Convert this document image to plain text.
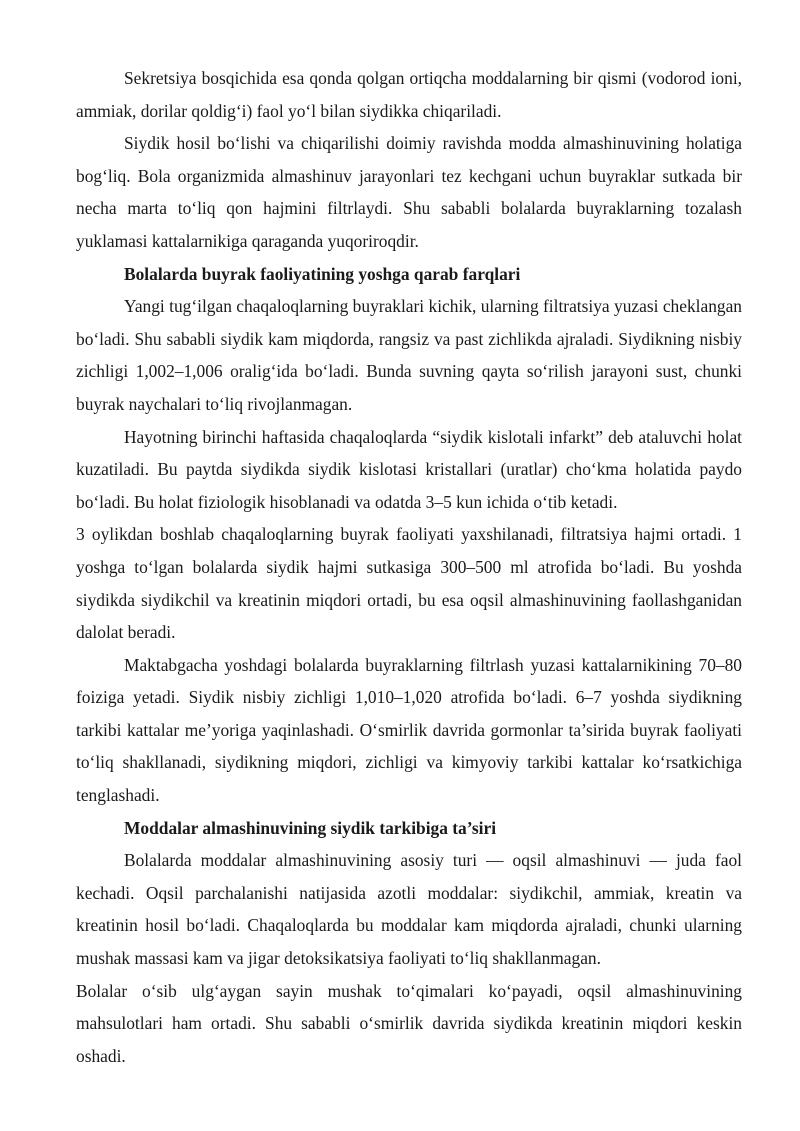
Sekretsiya bosqichida esa qonda qolgan ortiqcha moddalarning bir qismi (vodorod ioni, ammiak, dorilar qoldig‘i) faol yo‘l bilan siydikka chiqariladi.

Siydik hosil bo‘lishi va chiqarilishi doimiy ravishda modda almashinuvining holatiga bog‘liq. Bola organizmida almashinuv jarayonlari tez kechgani uchun buyraklar sutkada bir necha marta to‘liq qon hajmini filtrlaydi. Shu sababli bolalarda buyraklarning tozalash yuklamasi kattalarnikiga qaraganda yuqoriroqdir.

Bolalarda buyrak faoliyatining yoshga qarab farqlari

Yangi tug‘ilgan chaqaloqlarning buyraklari kichik, ularning filtratsiya yuzasi cheklangan bo‘ladi. Shu sababli siydik kam miqdorda, rangsiz va past zichlikda ajraladi. Siydikning nisbiy zichligi 1,002–1,006 oralig‘ida bo‘ladi. Bunda suvning qayta so‘rilish jarayoni sust, chunki buyrak naychalari to‘liq rivojlanmagan.

Hayotning birinchi haftasida chaqaloqlarda “siydik kislotali infarkt” deb ataluvchi holat kuzatiladi. Bu paytda siydikda siydik kislotasi kristallari (uratlar) cho‘kma holatida paydo bo‘ladi. Bu holat fiziologik hisoblanadi va odatda 3–5 kun ichida o‘tib ketadi.

3 oylikdan boshlab chaqaloqlarning buyrak faoliyati yaxshilanadi, filtratsiya hajmi ortadi. 1 yoshga to‘lgan bolalarda siydik hajmi sutkasiga 300–500 ml atrofida bo‘ladi. Bu yoshda siydikda siydikchil va kreatinin miqdori ortadi, bu esa oqsil almashinuvining faollashganidan dalolat beradi.

Maktabgacha yoshdagi bolalarda buyraklarning filtrlash yuzasi kattalarnikining 70–80 foiziga yetadi. Siydik nisbiy zichligi 1,010–1,020 atrofida bo‘ladi. 6–7 yoshda siydikning tarkibi kattalar me’yoriga yaqinlashadi. O‘smirlik davrida gormonlar ta’sirida buyrak faoliyati to‘liq shakllanadi, siydikning miqdori, zichligi va kimyoviy tarkibi kattalar ko‘rsatkichiga tenglashadi.

Moddalar almashinuvining siydik tarkibiga ta’siri

Bolalarda moddalar almashinuvining asosiy turi — oqsil almashinuvi — juda faol kechadi. Oqsil parchalanishi natijasida azotli moddalar: siydikchil, ammiak, kreatin va kreatinin hosil bo‘ladi. Chaqaloqlarda bu moddalar kam miqdorda ajraladi, chunki ularning mushak massasi kam va jigar detoksikatsiya faoliyati to‘liq shakllanmagan.

Bolalar o‘sib ulg‘aygan sayin mushak to‘qimalari ko‘payadi, oqsil almashinuvining mahsulotlari ham ortadi. Shu sababli o‘smirlik davrida siydikda kreatinin miqdori keskin oshadi.
